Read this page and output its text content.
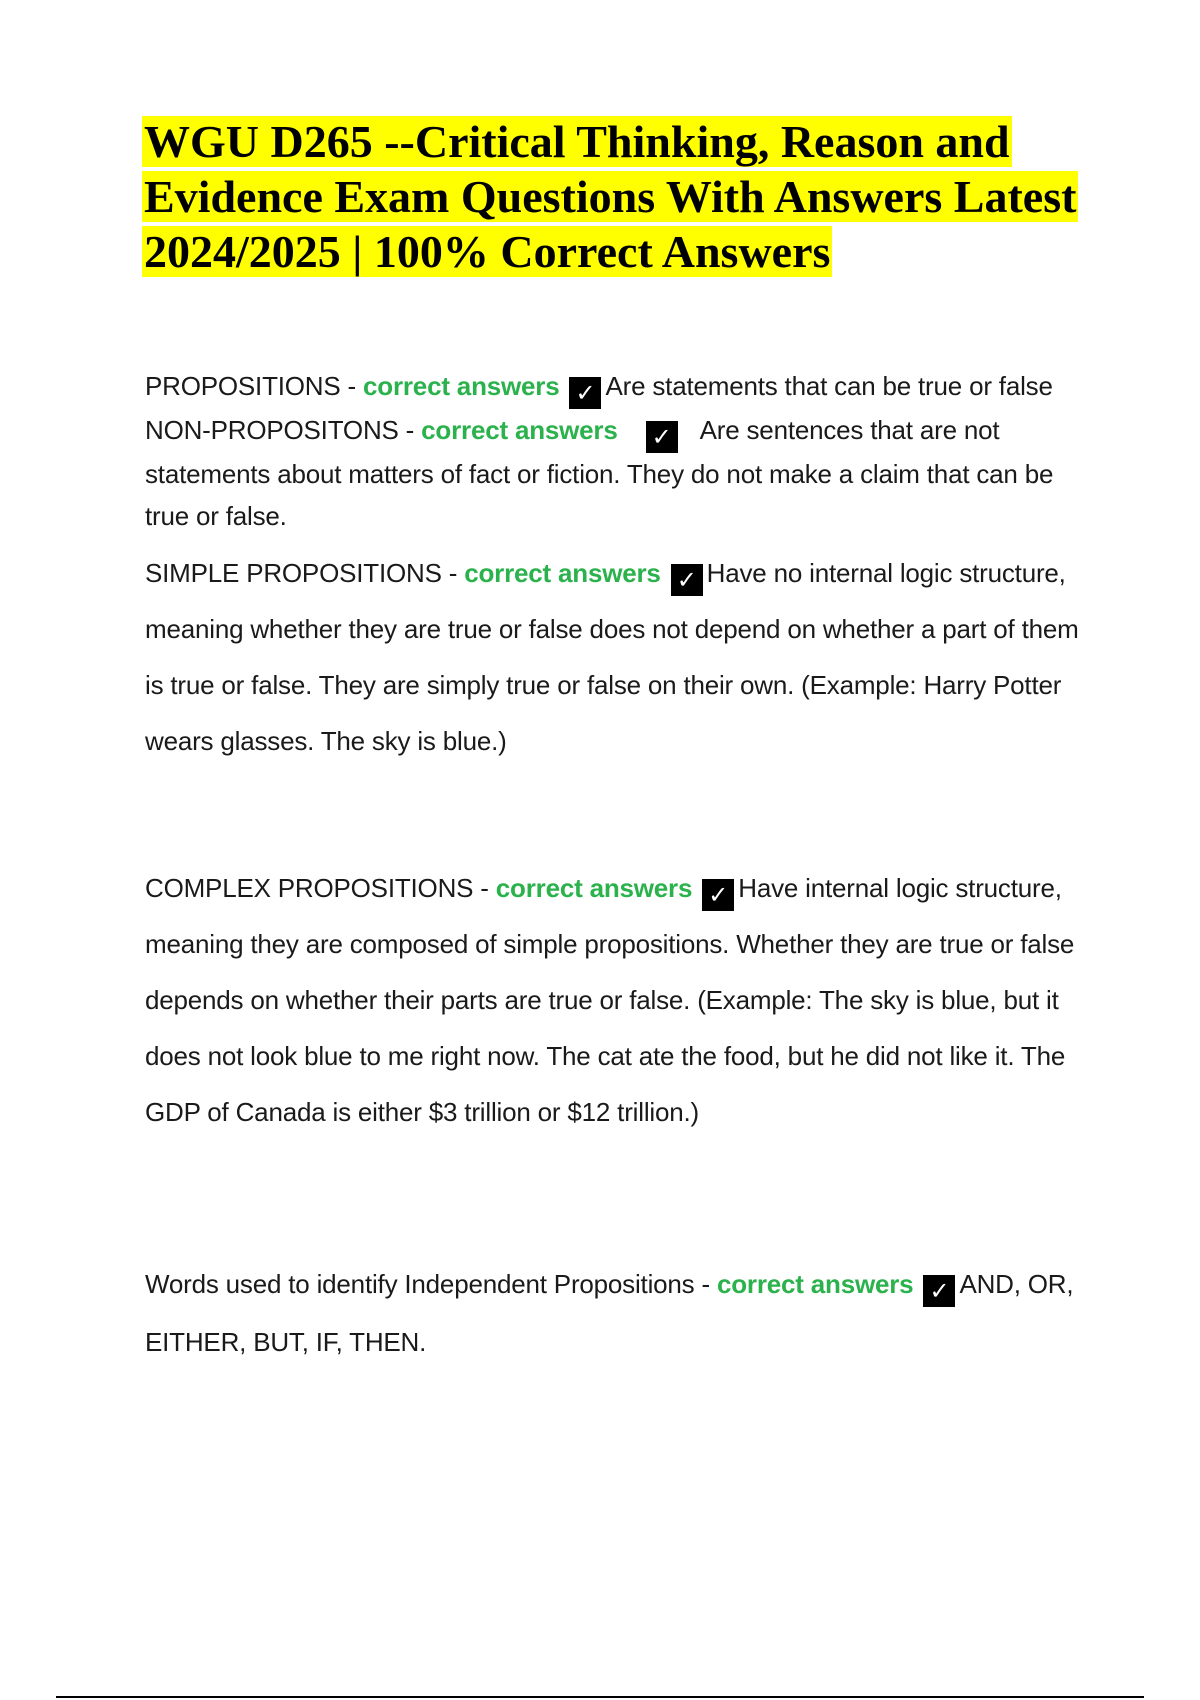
WGU D265 --Critical Thinking, Reason and Evidence Exam Questions With Answers Latest 2024/2025 | 100% Correct Answers

PROPOSITIONS - correct answers ✓ Are statements that can be true or false
NON-PROPOSITONS - correct answers ✓ Are sentences that are not statements about matters of fact or fiction. They do not make a claim that can be true or false.

SIMPLE PROPOSITIONS - correct answers ✓ Have no internal logic structure, meaning whether they are true or false does not depend on whether a part of them is true or false. They are simply true or false on their own. (Example: Harry Potter wears glasses. The sky is blue.)

COMPLEX PROPOSITIONS - correct answers ✓ Have internal logic structure, meaning they are composed of simple propositions. Whether they are true or false depends on whether their parts are true or false. (Example: The sky is blue, but it does not look blue to me right now. The cat ate the food, but he did not like it. The GDP of Canada is either $3 trillion or $12 trillion.)

Words used to identify Independent Propositions - correct answers ✓ AND, OR, EITHER, BUT, IF, THEN.
